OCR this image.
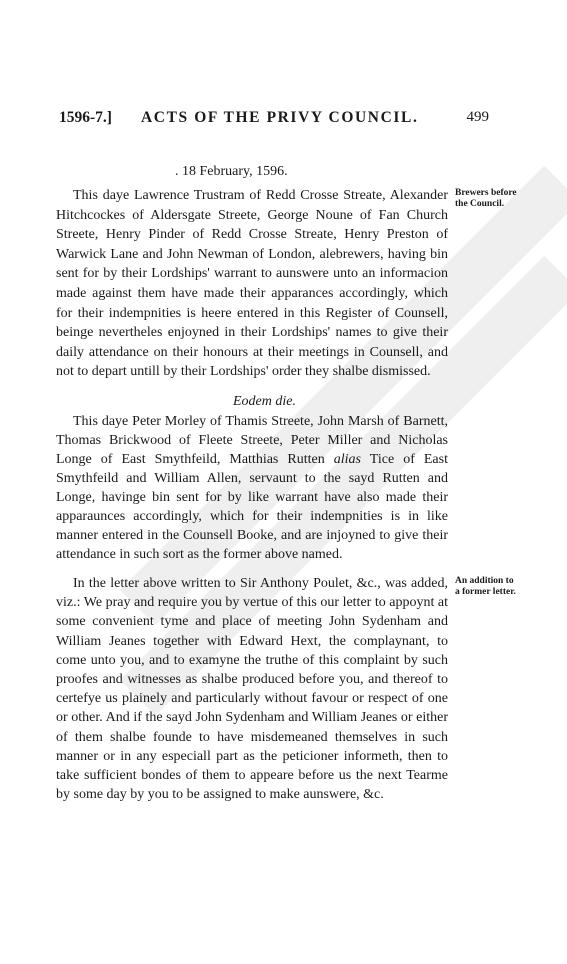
1596-7.] ACTS OF THE PRIVY COUNCIL.	499
. 18 February, 1596.

This daye Lawrence Trustram of Redd Crosse Streate, Alexander Hitchcockes of Aldersgate Streete, George Noune of Fan Church Streete, Henry Pinder of Redd Crosse Streate, Henry Preston of Warwick Lane and John Newman of London, alebrewers, having bin sent for by their Lordships' warrant to aunswere unto an informacion made against them have made their apparances accordingly, which for their indempnities is heere entered in this Register of Counsell, beinge nevertheles enjoyned in their Lordships' names to give their daily attendance on their honours at their meetings in Counsell, and not to depart untill by their Lordships' order they shalbe dismissed.

Brewers before the Council.
Eodem die.

This daye Peter Morley of Thamis Streete, John Marsh of Barnett, Thomas Brickwood of Fleete Streete, Peter Miller and Nicholas Longe of East Smythfeild, Matthias Rutten alias Tice of East Smythfeild and William Allen, servaunt to the sayd Rutten and Longe, havinge bin sent for by like warrant have also made their apparaunces accordingly, which for their indempnities is in like manner entered in the Counsell Booke, and are injoyned to give their attendance in such sort as the former above named.

In the letter above written to Sir Anthony Poulet, &c., was added, viz.: We pray and require you by vertue of this our letter to appoynt at some convenient tyme and place of meeting John Sydenham and William Jeanes together with Edward Hext, the complaynant, to come unto you, and to examyne the truthe of this complaint by such proofes and witnesses as shalbe produced before you, and thereof to certefye us plainely and particularly without favour or respect of one or other. And if the sayd John Sydenham and William Jeanes or either of them shalbe founde to have misdemeaned themselves in such manner or in any especiall part as the peticioner informeth, then to take sufficient bondes of them to appeare before us the next Tearme by some day by you to be assigned to make aunswere, &c.

An addition to a former letter.
